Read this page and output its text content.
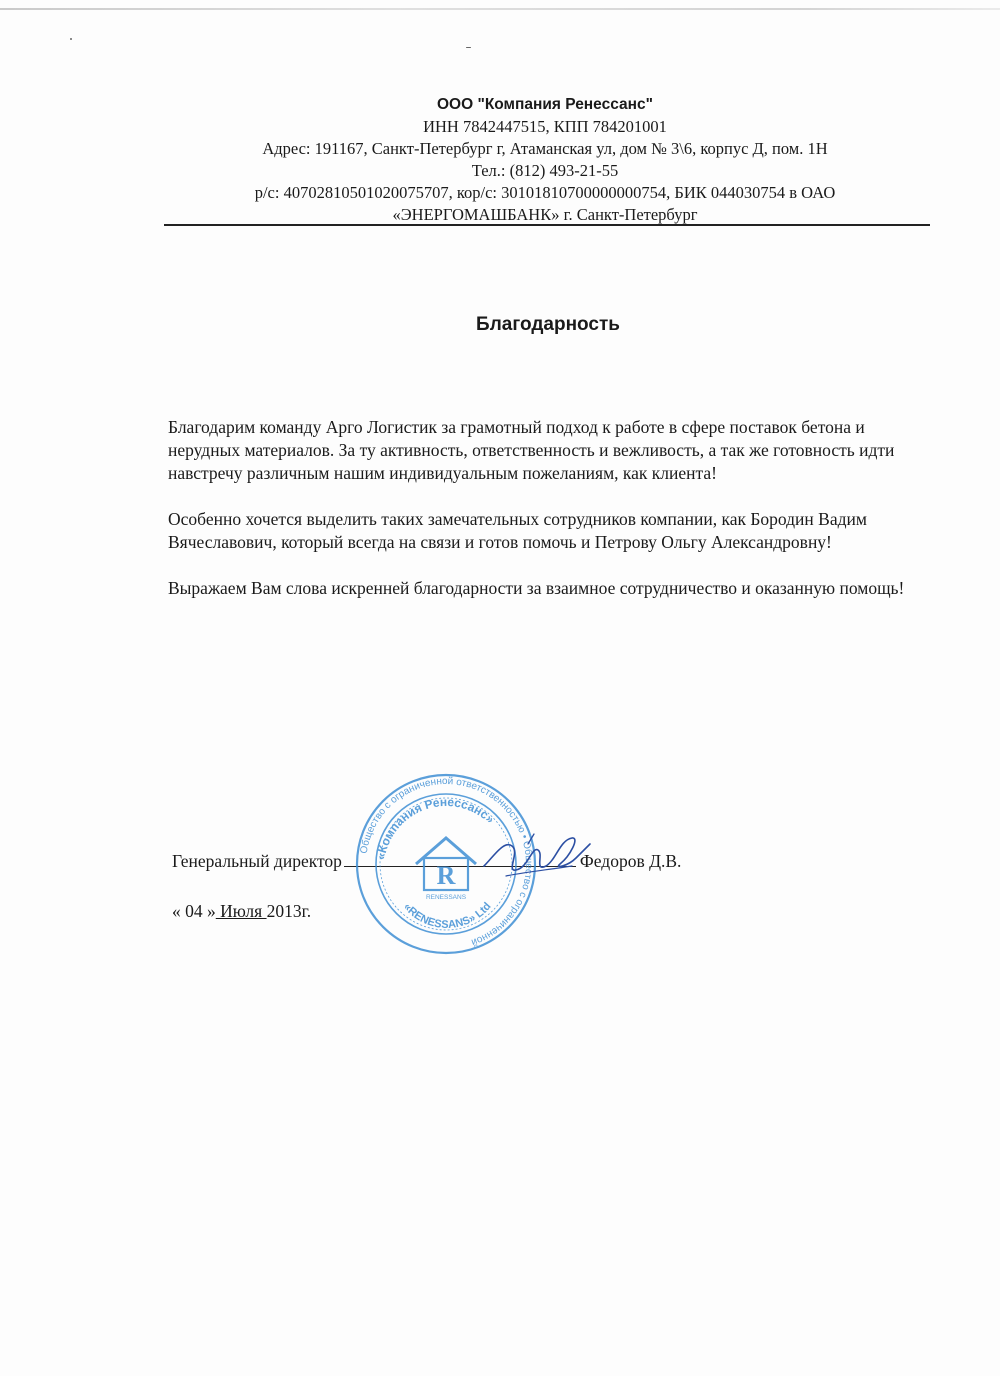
ООО "Компания Ренессанс"
ИНН 7842447515, КПП 784201001
Адрес: 191167, Санкт-Петербург г, Атаманская ул, дом № 3\6, корпус Д, пом. 1Н
Тел.: (812) 493-21-55
р/с: 40702810501020075707, кор/с: 30101810700000000754, БИК 044030754 в ОАО
«ЭНЕРГОМАШБАНК» г. Санкт-Петербург
Благодарность

Благодарим команду Арго Логистик за грамотный подход к работе в сфере поставок бетона и нерудных материалов. За ту активность, ответственность и вежливость, а так же готовность идти навстречу различным нашим индивидуальным пожеланиям, как клиента!

Особенно хочется выделить таких замечательных сотрудников компании, как Бородин Вадим Вячеславович, который всегда на связи и готов помочь и Петрову Ольгу Александровну!

Выражаем Вам слова искренней благодарности за взаимное сотрудничество и оказанную помощь!

Генеральный директор	Федоров Д.В.
« 04 » Июля 2013г.
Общество с ограниченной ответственностью • Общество с ограниченной
«Компания Ренессанс»
«RENESSANS» Ltd
R
RENESSANS
